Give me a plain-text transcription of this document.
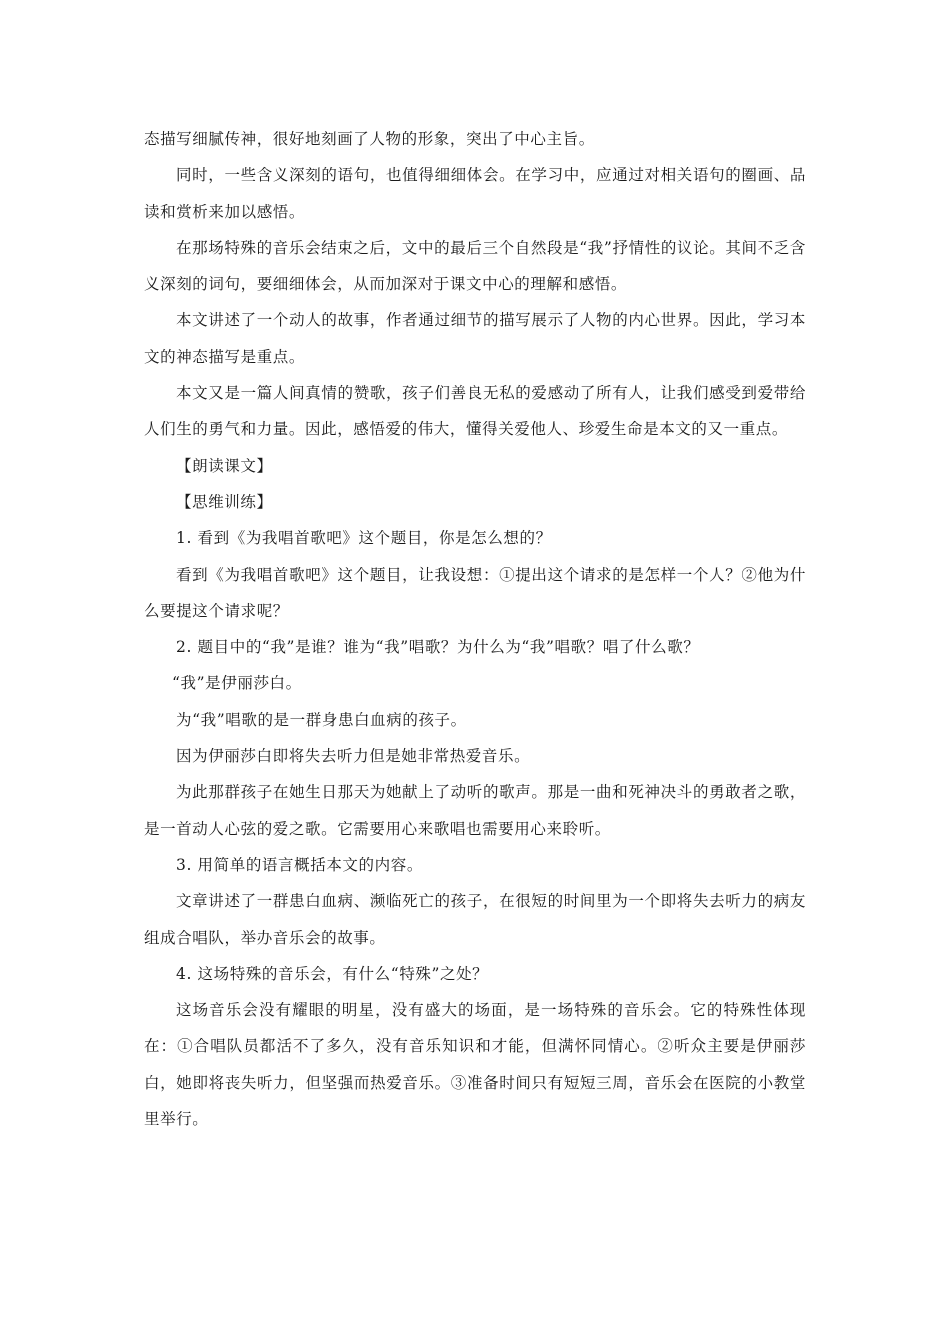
态描写细腻传神，很好地刻画了人物的形象，突出了中心主旨。

同时，一些含义深刻的语句，也值得细细体会。在学习中，应通过对相关语句的圈画、品读和赏析来加以感悟。

在那场特殊的音乐会结束之后，文中的最后三个自然段是“我”抒情性的议论。其间不乏含义深刻的词句，要细细体会，从而加深对于课文中心的理解和感悟。

本文讲述了一个动人的故事，作者通过细节的描写展示了人物的内心世界。因此，学习本文的神态描写是重点。

本文又是一篇人间真情的赞歌，孩子们善良无私的爱感动了所有人，让我们感受到爱带给人们生的勇气和力量。因此，感悟爱的伟大，懂得关爱他人、珍爱生命是本文的又一重点。

【朗读课文】

【思维训练】

1. 看到《为我唱首歌吧》这个题目，你是怎么想的？

看到《为我唱首歌吧》这个题目，让我设想：①提出这个请求的是怎样一个人？②他为什么要提这个请求呢？

2. 题目中的“我”是谁？谁为“我”唱歌？为什么为“我”唱歌？唱了什么歌？

“我”是伊丽莎白。

为“我”唱歌的是一群身患白血病的孩子。

因为伊丽莎白即将失去听力但是她非常热爱音乐。

为此那群孩子在她生日那天为她献上了动听的歌声。那是一曲和死神决斗的勇敢者之歌，是一首动人心弦的爱之歌。它需要用心来歌唱也需要用心来聆听。

3. 用简单的语言概括本文的内容。

文章讲述了一群患白血病、濒临死亡的孩子，在很短的时间里为一个即将失去听力的病友组成合唱队，举办音乐会的故事。

4. 这场特殊的音乐会，有什么“特殊”之处？

这场音乐会没有耀眼的明星，没有盛大的场面，是一场特殊的音乐会。它的特殊性体现在：①合唱队员都活不了多久，没有音乐知识和才能，但满怀同情心。②听众主要是伊丽莎白，她即将丧失听力，但坚强而热爱音乐。③准备时间只有短短三周，音乐会在医院的小教堂里举行。
